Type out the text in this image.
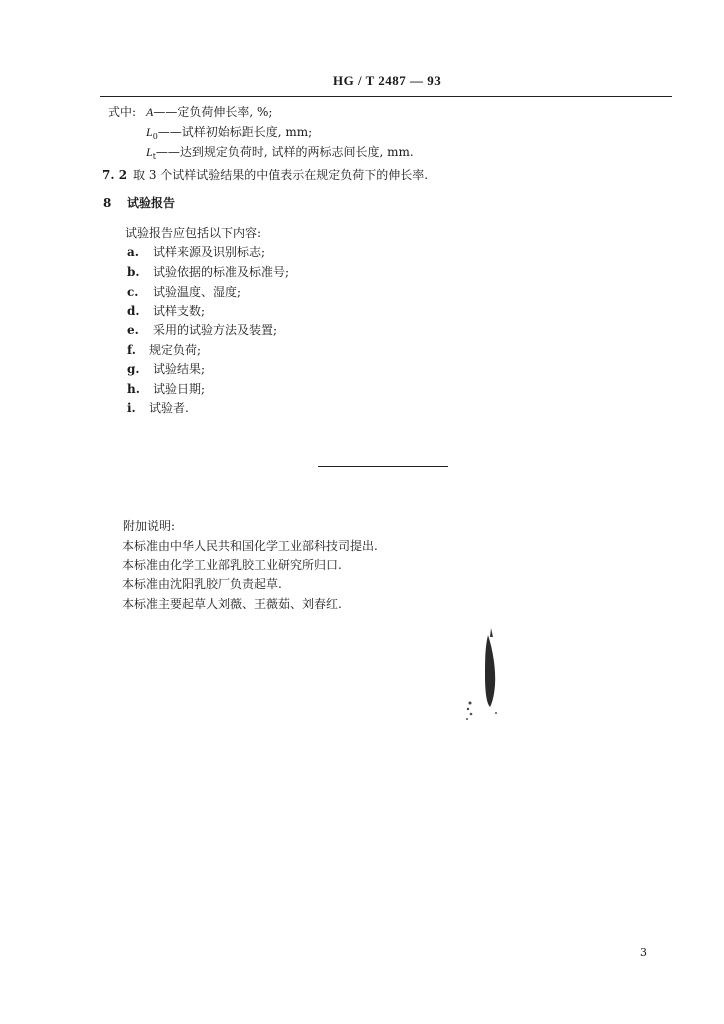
HG / T 2487 — 93
式中: A——定负荷伸长率, %;
$L_0——$试样初始标距长度, mm;
$L_t——$达到规定负荷时, 试样的两标志间长度, mm.
7. 2 取 3 个试样试验结果的中值表示在规定负荷下的伸长率.
8 试验报告
试验报告应包括以下内容:
a. 试样来源及识别标志;
b. 试验依据的标准及标准号;
c. 试验温度、湿度;
d. 试样支数;
e. 采用的试验方法及装置;
f. 规定负荷;
g. 试验结果;
h. 试验日期;
i. 试验者.
附加说明:
本标准由中华人民共和国化学工业部科技司提出.
本标准由化学工业部乳胶工业研究所归口.
本标准由沈阳乳胶厂负责起草.
本标准主要起草人刘薇、王薇茹、刘春红.
3
